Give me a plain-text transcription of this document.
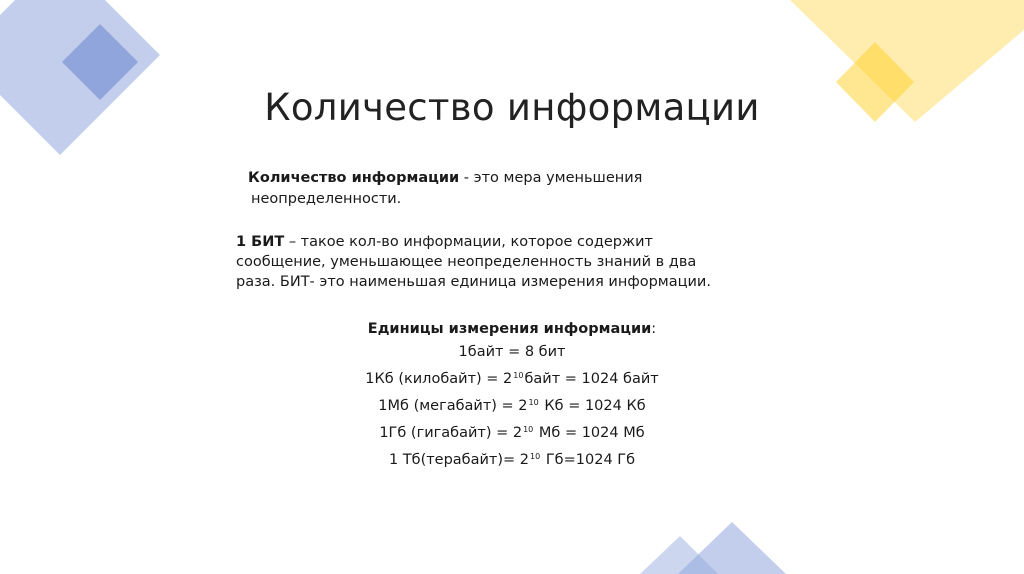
Количество информации
Количество информации - это мера уменьшения
неопределенности.
1 БИТ – такое кол-во информации, которое содержит
сообщение, уменьшающее неопределенность знаний в два
раза. БИТ- это наименьшая единица измерения информации.
Единицы измерения информации:
1байт = 8 бит
1Кб (килобайт) = $2^{10}байт = 1024$ байт
1Мб (мегабайт) = $2^{10}$ Кб = 1024 Кб
1Гб (гигабайт) = $2^{10}$ Мб = 1024 Мб
1 Тб(терабайт)= $2^{10}$ Гб=1024 Гб
